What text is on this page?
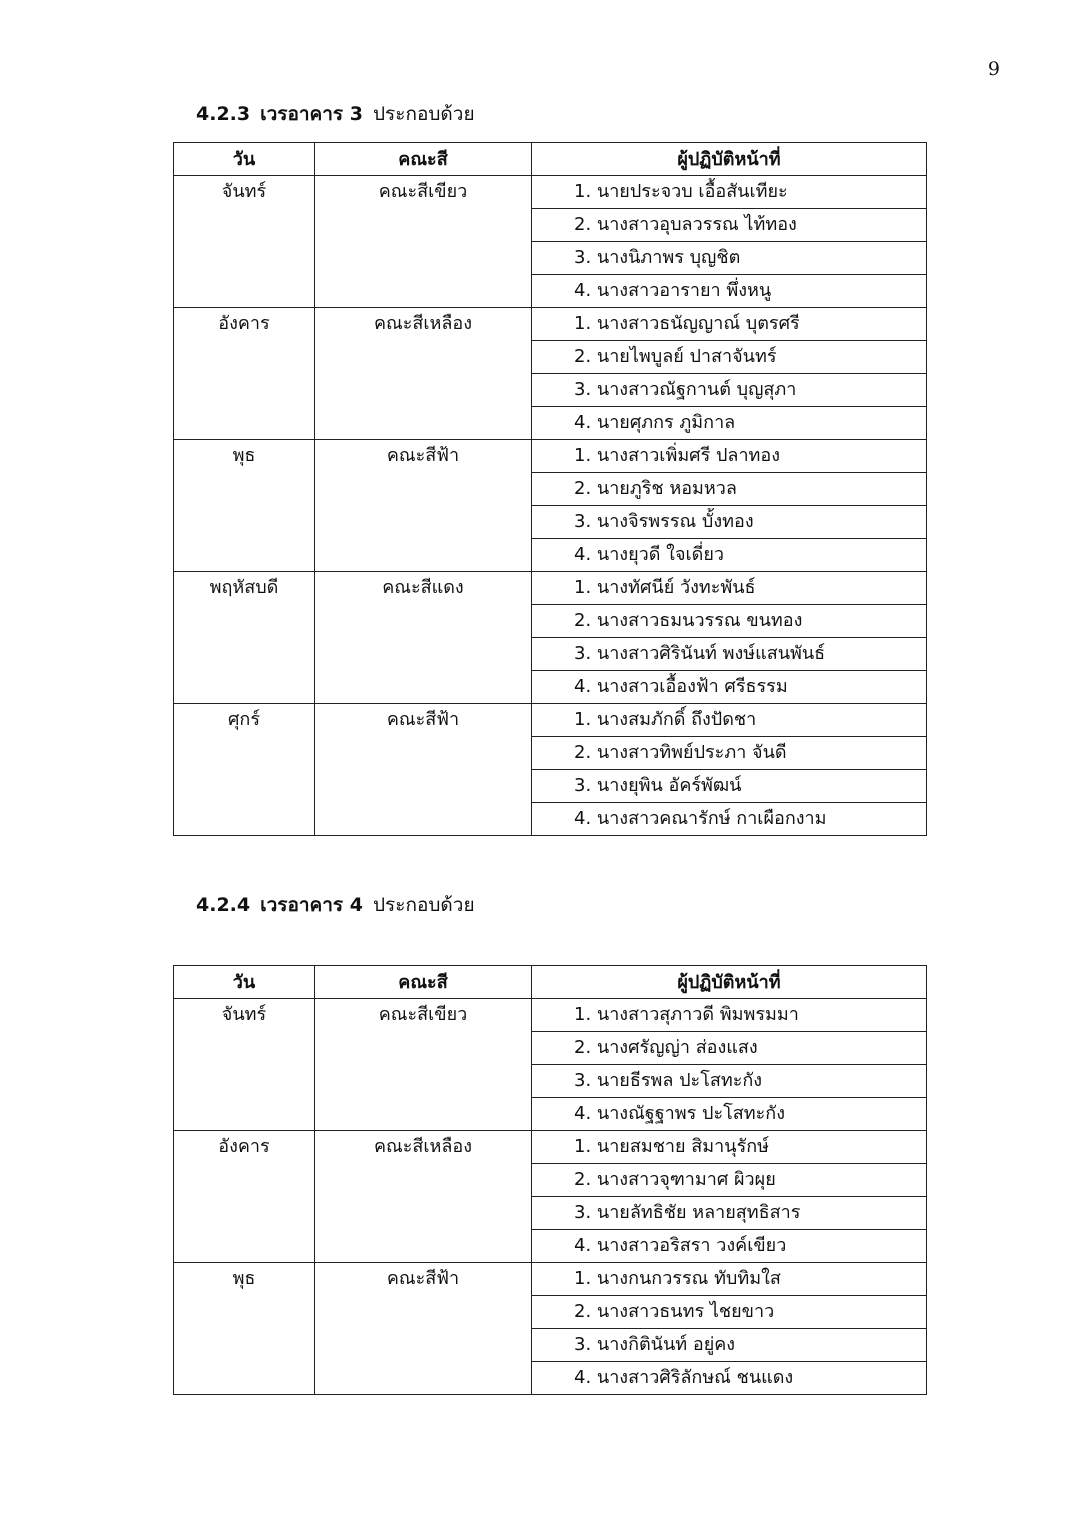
9
4.2.3 เวรอาคาร 3 ประกอบด้วย
วัน	คณะสี	ผู้ปฏิบัติหน้าที่
จันทร์	คณะสีเขียว	1. นายประจวบ เอื้อสันเทียะ
		2. นางสาวอุบลวรรณ ไท้ทอง
		3. นางนิภาพร บุญชิต
		4. นางสาวอารายา พึ่งหนู
อังคาร	คณะสีเหลือง	1. นางสาวธนัญญาณ์ บุตรศรี
		2. นายไพบูลย์ ปาสาจันทร์
		3. นางสาวณัฐกานต์ บุญสุภา
		4. นายศุภกร ภูมิกาล
พุธ	คณะสีฟ้า	1. นางสาวเพิ่มศรี ปลาทอง
		2. นายภูริช หอมหวล
		3. นางจิรพรรณ บั้งทอง
		4. นางยุวดี ใจเดี่ยว
พฤหัสบดี	คณะสีแดง	1. นางทัศนีย์ วังทะพันธ์
		2. นางสาวธมนวรรณ ขนทอง
		3. นางสาวศิรินันท์ พงษ์แสนพันธ์
		4. นางสาวเอื้องฟ้า ศรีธรรม
ศุกร์	คณะสีฟ้า	1. นางสมภักดิ์ ถึงปัดชา
		2. นางสาวทิพย์ประภา จันดี
		3. นางยุพิน อัคร์พัฒน์
		4. นางสาวคณารักษ์ กาเผือกงาม
4.2.4 เวรอาคาร 4 ประกอบด้วย
วัน	คณะสี	ผู้ปฏิบัติหน้าที่
จันทร์	คณะสีเขียว	1. นางสาวสุภาวดี พิมพรมมา
		2. นางศรัญญ่า ส่องแสง
		3. นายธีรพล ปะโสทะกัง
		4. นางณัฐฐาพร ปะโสทะกัง
อังคาร	คณะสีเหลือง	1. นายสมชาย สิมานุรักษ์
		2. นางสาวจุฑามาศ ผิวผุย
		3. นายลัทธิชัย หลายสุทธิสาร
		4. นางสาวอริสรา วงค์เขียว
พุธ	คณะสีฟ้า	1. นางกนกวรรณ ทับทิมใส
		2. นางสาวธนทร ไชยขาว
		3. นางกิตินันท์ อยู่คง
		4. นางสาวศิริลักษณ์ ชนแดง
